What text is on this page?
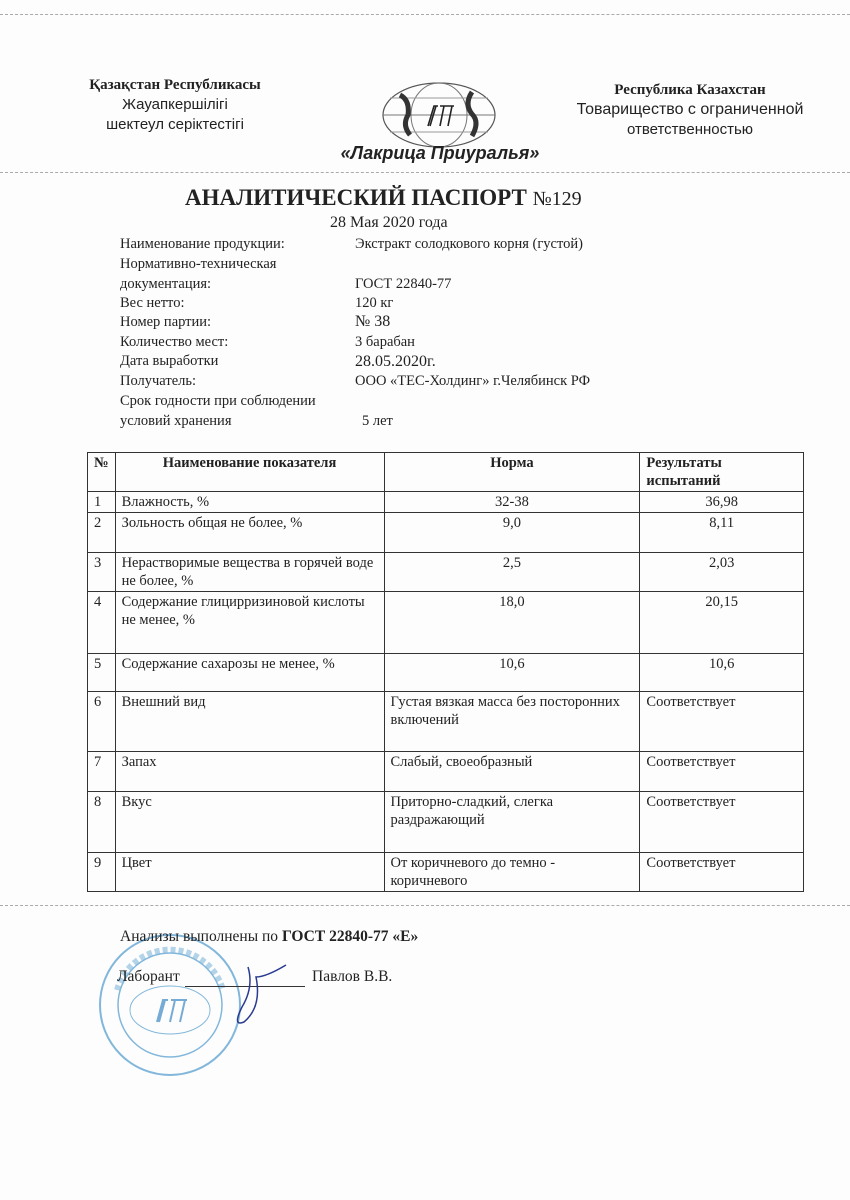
Қазақстан Республикасы
Жауапкершілігі
шектеул серіктестігі
Республика Казахстан
Товарищество с ограниченной
ответственностью
«Лакрица Приуралья»
АНАЛИТИЧЕСКИЙ ПАСПОРТ №129
28 Мая 2020 года
Наименование продукции:	Экстракт солодкового корня (густой)
Нормативно-техническая документация:	ГОСТ 22840-77
Вес нетто:	120 кг
Номер партии:	№ 38
Количество мест:	3 барабан
Дата выработки	28.05.2020г.
Получатель:	ООО «ТЕС-Холдинг» г.Челябинск РФ
Срок годности при соблюдении условий хранения	5 лет
№	Наименование показателя	Норма	Результаты испытаний
1	Влажность, %	32-38	36,98
2	Зольность общая не более, %	9,0	8,11
3	Нерастворимые вещества в горячей воде не более, %	2,5	2,03
4	Содержание глицирризиновой кислоты не менее, %	18,0	20,15
5	Содержание сахарозы не менее, %	10,6	10,6
6	Внешний вид	Густая вязкая масса без посторонних включений	Соответствует
7	Запах	Слабый, своеобразный	Соответствует
8	Вкус	Приторно-сладкий, слегка раздражающий	Соответствует
9	Цвет	От коричневого до темно - коричневого	Соответствует
Анализы выполнены по ГОСТ 22840-77 «Е»
Лаборант	Павлов В.В.
